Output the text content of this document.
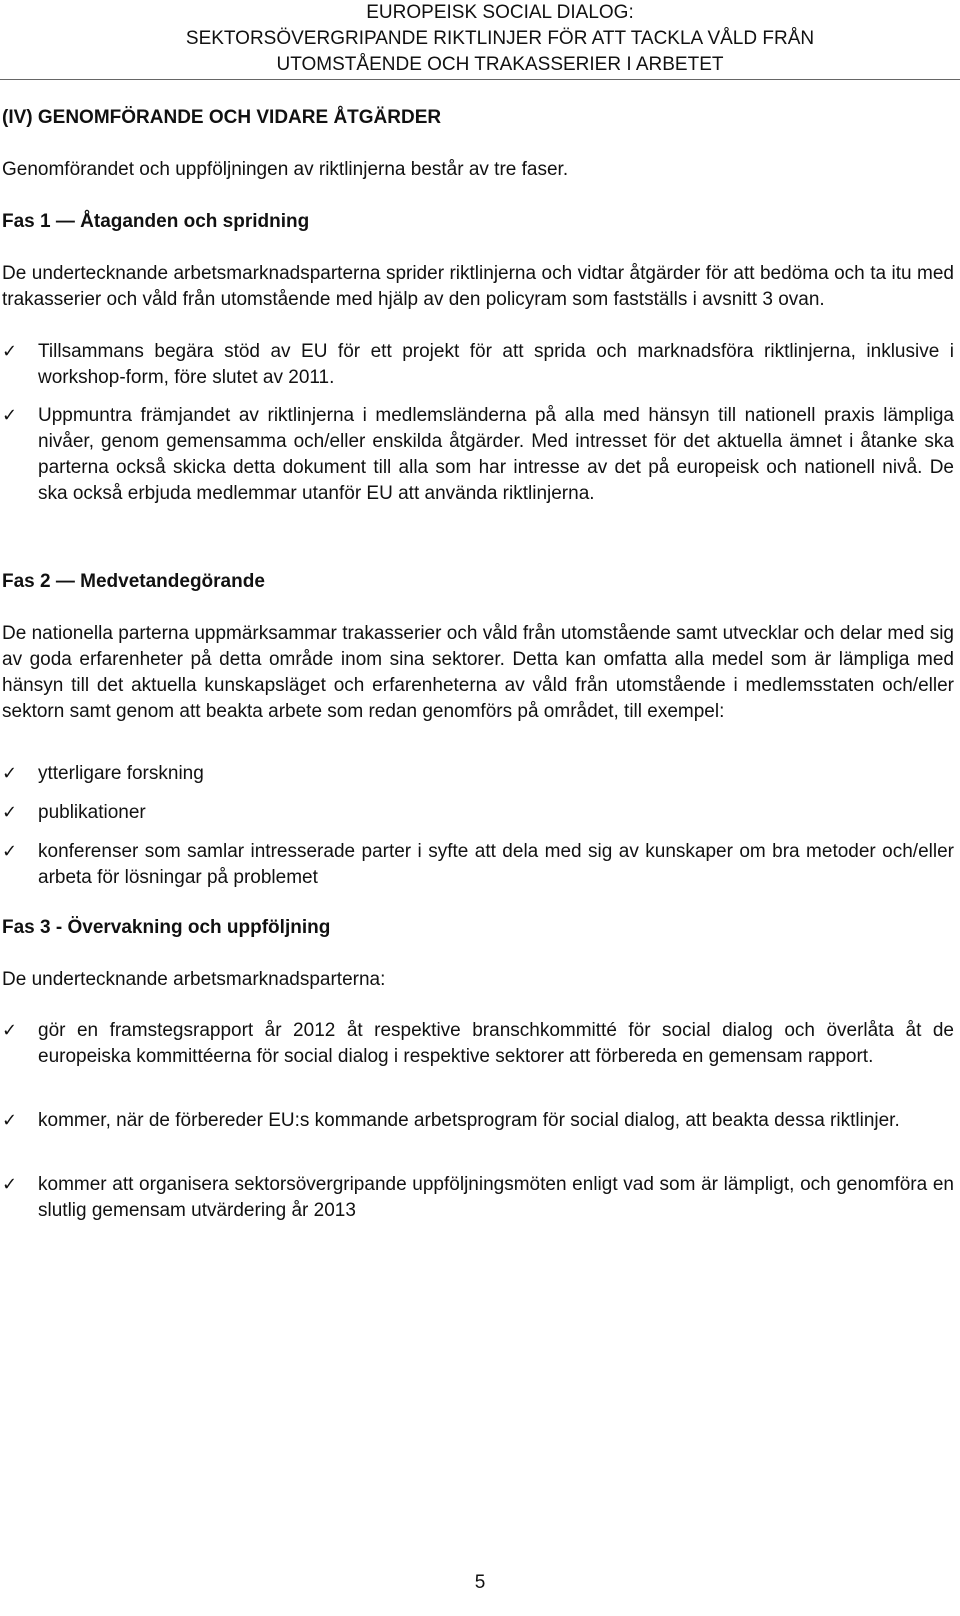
EUROPEISK SOCIAL DIALOG:
SEKTORSÖVERGRIPANDE RIKTLINJER FÖR ATT TACKLA VÅLD FRÅN
UTOMSTÅENDE OCH TRAKASSERIER I ARBETET

(IV) GENOMFÖRANDE OCH VIDARE ÅTGÄRDER

Genomförandet och uppföljningen av riktlinjerna består av tre faser.

Fas 1 — Åtaganden och spridning

De undertecknande arbetsmarknadsparterna sprider riktlinjerna och vidtar åtgärder för att bedöma och ta itu med trakasserier och våld från utomstående med hjälp av den policyram som fastställs i avsnitt 3 ovan.

✓	Tillsammans begära stöd av EU för ett projekt för att sprida och marknadsföra riktlinjerna, inklusive i workshop-form, före slutet av 2011.
✓	Uppmuntra främjandet av riktlinjerna i medlemsländerna på alla med hänsyn till nationell praxis lämpliga nivåer, genom gemensamma och/eller enskilda åtgärder. Med intresset för det aktuella ämnet i åtanke ska parterna också skicka detta dokument till alla som har intresse av det på europeisk och nationell nivå. De ska också erbjuda medlemmar utanför EU att använda riktlinjerna.

Fas 2 — Medvetandegörande

De nationella parterna uppmärksammar trakasserier och våld från utomstående samt utvecklar och delar med sig av goda erfarenheter på detta område inom sina sektorer. Detta kan omfatta alla medel som är lämpliga med hänsyn till det aktuella kunskapsläget och erfarenheterna av våld från utomstående i medlemsstaten och/eller sektorn samt genom att beakta arbete som redan genomförs på området, till exempel:

✓	ytterligare forskning
✓	publikationer
✓	konferenser som samlar intresserade parter i syfte att dela med sig av kunskaper om bra metoder och/eller arbeta för lösningar på problemet

Fas 3 - Övervakning och uppföljning

De undertecknande arbetsmarknadsparterna:

✓	gör en framstegsrapport år 2012 åt respektive branschkommitté för social dialog och överlåta åt de europeiska kommittéerna för social dialog i respektive sektorer att förbereda en gemensam rapport.
✓	kommer, när de förbereder EU:s kommande arbetsprogram för social dialog, att beakta dessa riktlinjer.
✓	kommer att organisera sektorsövergripande uppföljningsmöten enligt vad som är lämpligt, och genomföra en slutlig gemensam utvärdering år 2013
5
